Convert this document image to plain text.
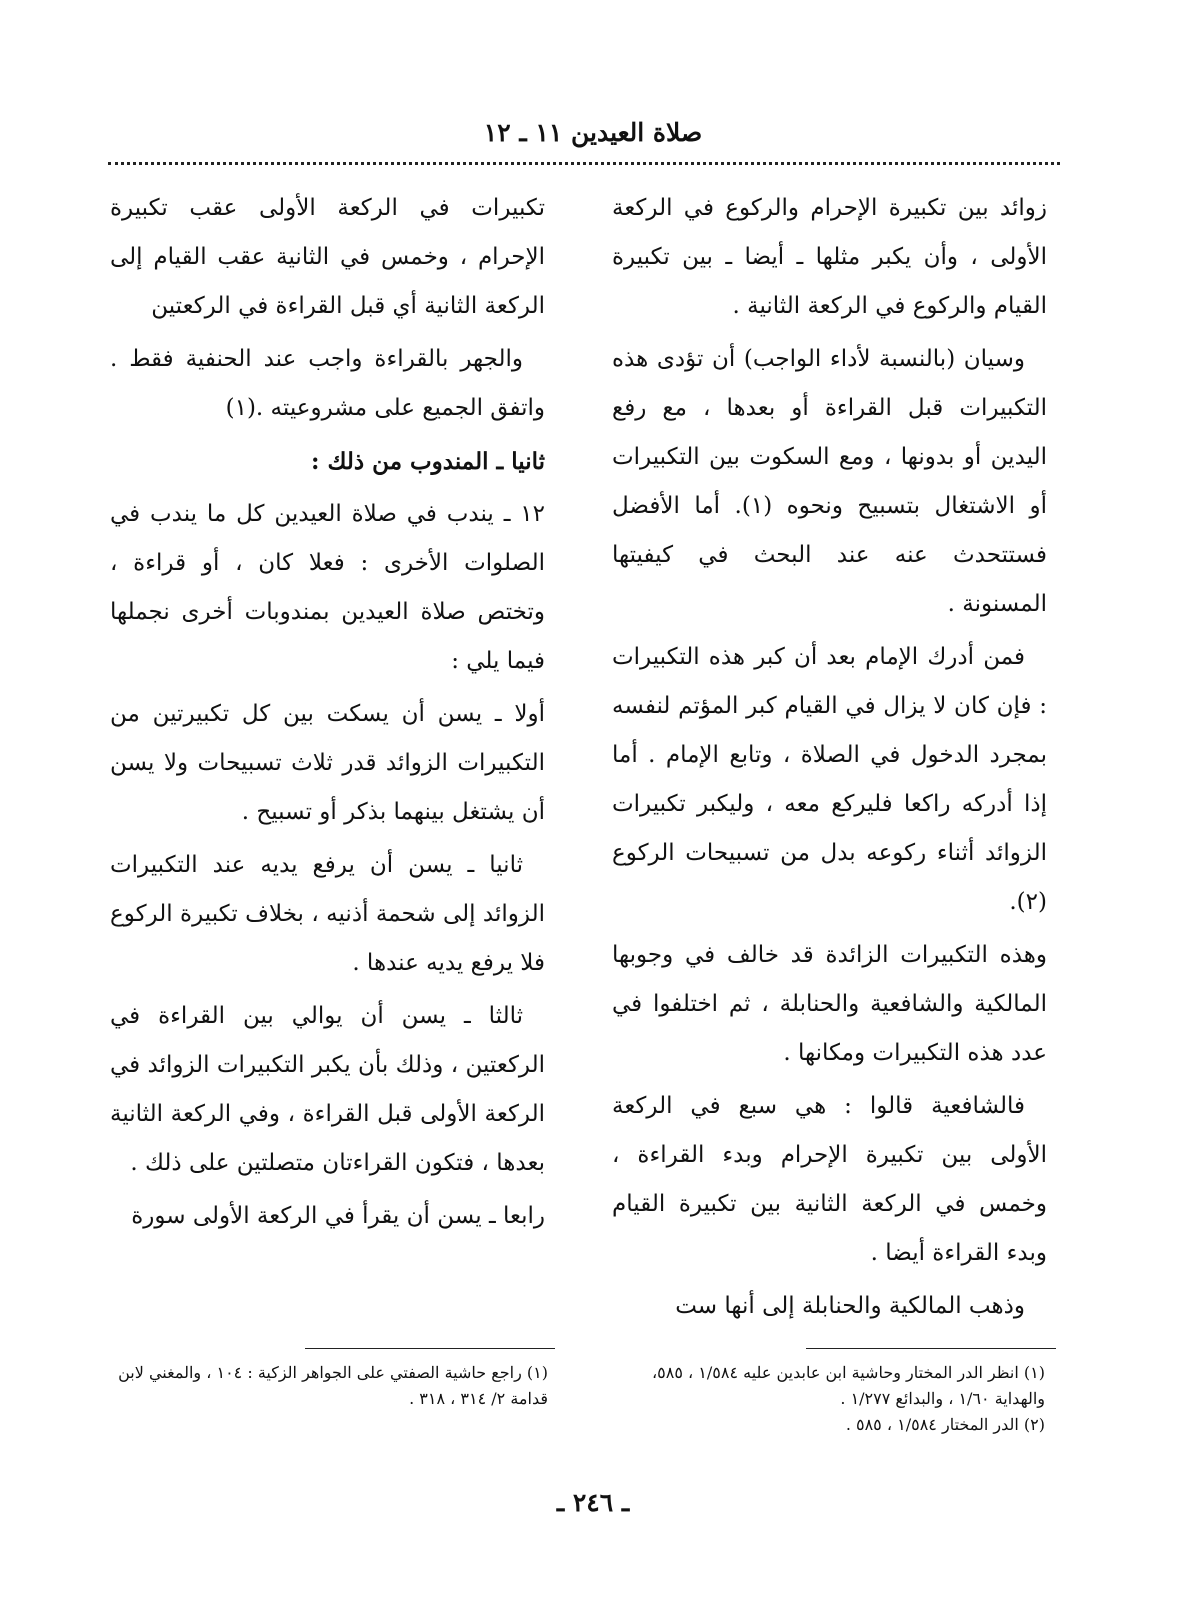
صلاة العيدين ١١ ـ ١٢

زوائد بين تكبيرة الإحرام والركوع في الركعة الأولى ، وأن يكبر مثلها ـ أيضا ـ بين تكبيرة القيام والركوع في الركعة الثانية .

وسيان (بالنسبة لأداء الواجب) أن تؤدى هذه التكبيرات قبل القراءة أو بعدها ، مع رفع اليدين أو بدونها ، ومع السكوت بين التكبيرات أو الاشتغال بتسبيح ونحوه (١). أما الأفضل فستتحدث عنه عند البحث في كيفيتها المسنونة .

فمن أدرك الإمام بعد أن كبر هذه التكبيرات : فإن كان لا يزال في القيام كبر المؤتم لنفسه بمجرد الدخول في الصلاة ، وتابع الإمام . أما إذا أدركه راكعا فليركع معه ، وليكبر تكبيرات الزوائد أثناء ركوعه بدل من تسبيحات الركوع (٢).

وهذه التكبيرات الزائدة قد خالف في وجوبها المالكية والشافعية والحنابلة ، ثم اختلفوا في عدد هذه التكبيرات ومكانها .

فالشافعية قالوا : هي سبع في الركعة الأولى بين تكبيرة الإحرام وبدء القراءة ، وخمس في الركعة الثانية بين تكبيرة القيام وبدء القراءة أيضا .

وذهب المالكية والحنابلة إلى أنها ست

تكبيرات في الركعة الأولى عقب تكبيرة الإحرام ، وخمس في الثانية عقب القيام إلى الركعة الثانية أي قبل القراءة في الركعتين

والجهر بالقراءة واجب عند الحنفية فقط . واتفق الجميع على مشروعيته .(١)

ثانيا ـ المندوب من ذلك :

١٢ ـ يندب في صلاة العيدين كل ما يندب في الصلوات الأخرى : فعلا كان ، أو قراءة ، وتختص صلاة العيدين بمندوبات أخرى نجملها فيما يلي :

أولا ـ يسن أن يسكت بين كل تكبيرتين من التكبيرات الزوائد قدر ثلاث تسبيحات ولا يسن أن يشتغل بينهما بذكر أو تسبيح .

ثانيا ـ يسن أن يرفع يديه عند التكبيرات الزوائد إلى شحمة أذنيه ، بخلاف تكبيرة الركوع فلا يرفع يديه عندها .

ثالثا ـ يسن أن يوالي بين القراءة في الركعتين ، وذلك بأن يكبر التكبيرات الزوائد في الركعة الأولى قبل القراءة ، وفي الركعة الثانية بعدها ، فتكون القراءتان متصلتين على ذلك .

رابعا ـ يسن أن يقرأ في الركعة الأولى سورة

(١) انظر الدر المختار وحاشية ابن عابدين عليه ١/٥٨٤ ، ٥٨٥، والهداية ١/٦٠ ، والبدائع ١/٢٧٧ .
(٢) الدر المختار ١/٥٨٤ ، ٥٨٥ .
(١) راجع حاشية الصفتي على الجواهر الزكية : ١٠٤ ، والمغني لابن قدامة ٢/ ٣١٤ ، ٣١٨ .
ـ ٢٤٦ ـ
